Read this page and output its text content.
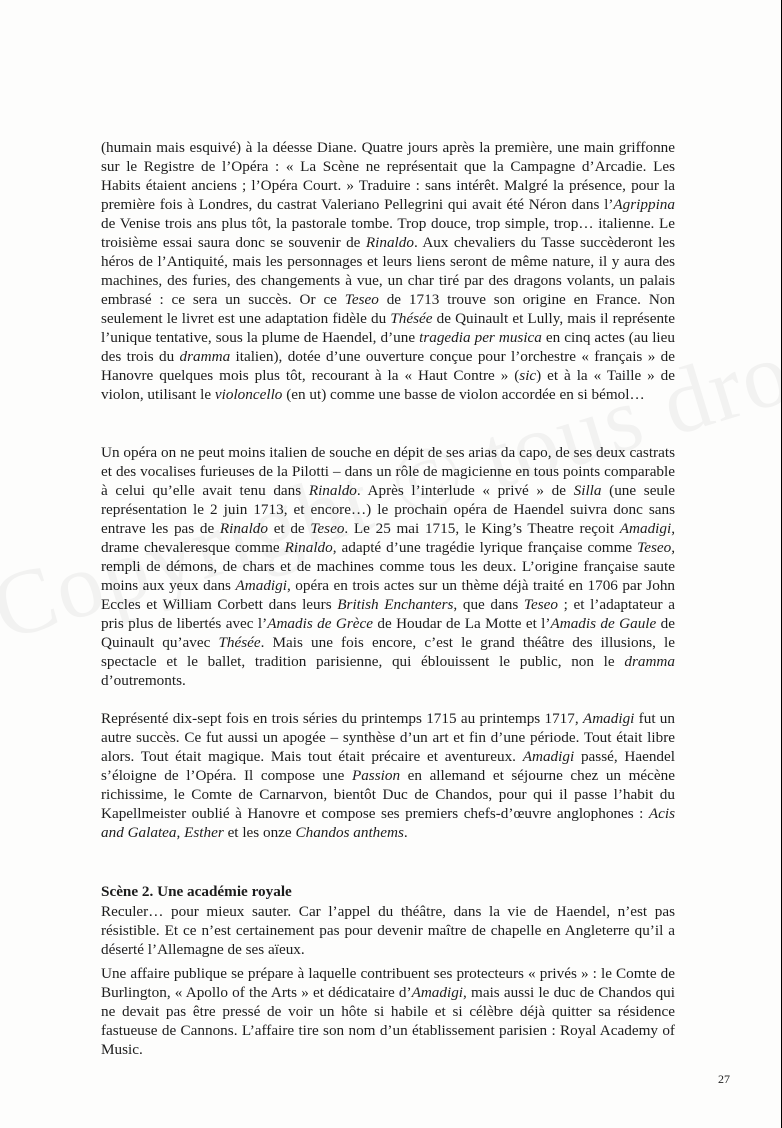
(humain mais esquivé) à la déesse Diane. Quatre jours après la première, une main griffonne sur le Registre de l’Opéra : « La Scène ne représentait que la Campagne d’Arcadie. Les Habits étaient anciens ; l’Opéra Court. » Traduire : sans intérêt. Malgré la présence, pour la première fois à Londres, du castrat Valeriano Pellegrini qui avait été Néron dans l’Agrippina de Venise trois ans plus tôt, la pastorale tombe. Trop douce, trop simple, trop… italienne. Le troisième essai saura donc se souvenir de Rinaldo. Aux chevaliers du Tasse succèderont les héros de l’Antiquité, mais les personnages et leurs liens seront de même nature, il y aura des machines, des furies, des changements à vue, un char tiré par des dragons volants, un palais embrasé : ce sera un succès. Or ce Teseo de 1713 trouve son origine en France. Non seulement le livret est une adaptation fidèle du Thésée de Quinault et Lully, mais il représente l’unique tentative, sous la plume de Haendel, d’une tragedia per musica en cinq actes (au lieu des trois du dramma italien), dotée d’une ouverture conçue pour l’orchestre « français » de Hanovre quelques mois plus tôt, recourant à la « Haut Contre » (sic) et à la « Taille » de violon, utilisant le violoncello (en ut) comme une basse de violon accordée en si bémol…
Un opéra on ne peut moins italien de souche en dépit de ses arias da capo, de ses deux castrats et des vocalises furieuses de la Pilotti – dans un rôle de magicienne en tous points comparable à celui qu’elle avait tenu dans Rinaldo. Après l’interlude « privé » de Silla (une seule représentation le 2 juin 1713, et encore…) le prochain opéra de Haendel suivra donc sans entrave les pas de Rinaldo et de Teseo. Le 25 mai 1715, le King’s Theatre reçoit Amadigi, drame chevaleresque comme Rinaldo, adapté d’une tragédie lyrique française comme Teseo, rempli de démons, de chars et de machines comme tous les deux. L’origine française saute moins aux yeux dans Amadigi, opéra en trois actes sur un thème déjà traité en 1706 par John Eccles et William Corbett dans leurs British Enchanters, que dans Teseo ; et l’adaptateur a pris plus de libertés avec l’Amadis de Grèce de Houdar de La Motte et l’Amadis de Gaule de Quinault qu’avec Thésée. Mais une fois encore, c’est le grand théâtre des illusions, le spectacle et le ballet, tradition parisienne, qui éblouissent le public, non le dramma d’outremonts.
Représenté dix-sept fois en trois séries du printemps 1715 au printemps 1717, Amadigi fut un autre succès. Ce fut aussi un apogée – synthèse d’un art et fin d’une période. Tout était libre alors. Tout était magique. Mais tout était précaire et aventureux. Amadigi passé, Haendel s’éloigne de l’Opéra. Il compose une Passion en allemand et séjourne chez un mécène richissime, le Comte de Carnarvon, bientôt Duc de Chandos, pour qui il passe l’habit du Kapellmeister oublié à Hanovre et compose ses premiers chefs-d’œuvre anglophones : Acis and Galatea, Esther et les onze Chandos anthems.
Scène 2. Une académie royale
Reculer… pour mieux sauter. Car l’appel du théâtre, dans la vie de Haendel, n’est pas résistible. Et ce n’est certainement pas pour devenir maître de chapelle en Angleterre qu’il a déserté l’Allemagne de ses aïeux.
Une affaire publique se prépare à laquelle contribuent ses protecteurs « privés » : le Comte de Burlington, « Apollo of the Arts » et dédicataire d’Amadigi, mais aussi le duc de Chandos qui ne devait pas être pressé de voir un hôte si habile et si célèbre déjà quitter sa résidence fastueuse de Cannons. L’affaire tire son nom d’un établissement parisien : Royal Academy of Music.
27
